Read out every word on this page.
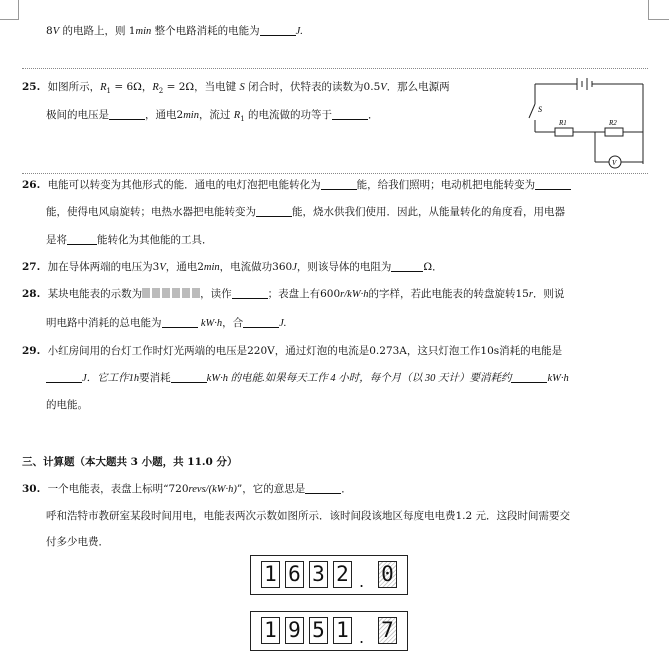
8V 的电路上，则 1min 整个电路消耗的电能为	J.
25. 如图所示，$R_1 = 6\Omega$，$R_2 = 2\Omega$，当电键 S 闭合时，伏特表的读数为0.5V．那么电源两
极间的电压是	，通电2min，流过 $R_1$ 的电流做的功等于	．	S
R1	R2
V
26. 电能可以转变为其他形式的能．通电的电灯泡把电能转化为	能，给我们照明；电动机把电能转变为
能，使得电风扇旋转；电热水器把电能转变为	能，烧水供我们使用．因此，从能量转化的角度看，用电器
是将	能转化为其他能的工具．
27. 加在导体两端的电压为3V，通电2min，电流做功360J，则该导体的电阻为	Ω．
28. 某块电能表的示数为	，读作	；表盘上有600r/kW·h的字样，若此电能表的转盘旋转15r．则说
明电路中消耗的总电能为	kW·h，合	J.
29. 小红房间用的台灯工作时灯光两端的电压是220V，通过灯泡的电流是0.273A，这只灯泡工作10s消耗的电能是
J．它工作1h要消耗	kW·h 的电能.如果每天工作 4 小时，每个月（以 30 天计）要消耗约	kW·h
的电能。
三、计算题（本大题共 3 小题，共 11.0 分）
30. 一个电能表，表盘上标明“720revs/(kW·h)”，它的意思是	．
呼和浩特市教研室某段时间用电，电能表两次示数如图所示．该时间段该地区每度电电费1.2 元．这段时间需要交
付多少电费．
1 6 3 2 . 0
1 9 5 1 . 7
